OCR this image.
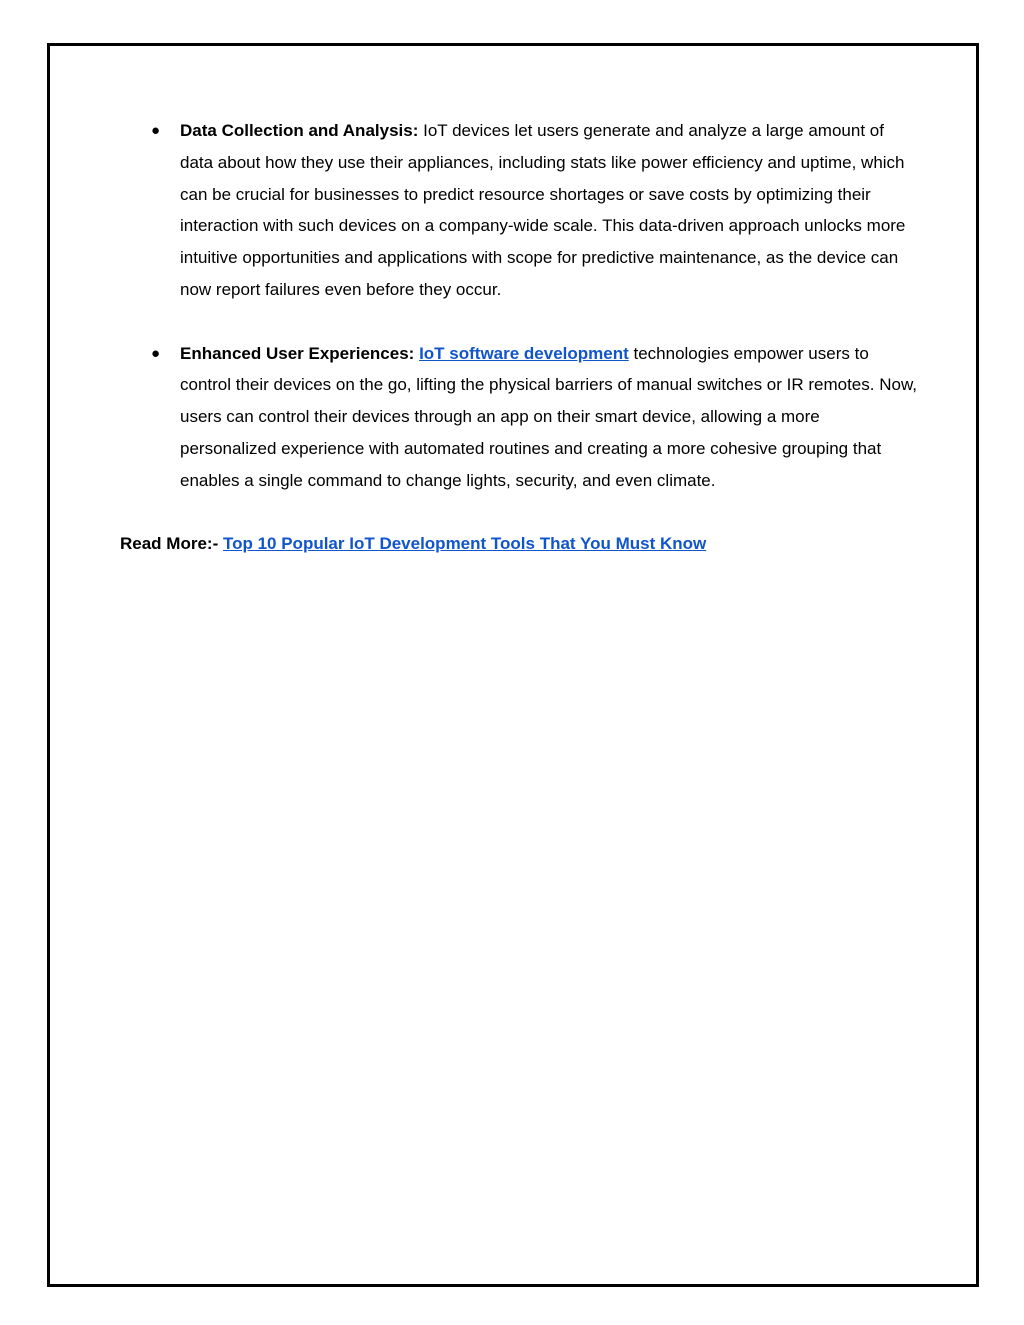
● Data Collection and Analysis: IoT devices let users generate and analyze a large amount of data about how they use their appliances, including stats like power efficiency and uptime, which can be crucial for businesses to predict resource shortages or save costs by optimizing their interaction with such devices on a company-wide scale. This data-driven approach unlocks more intuitive opportunities and applications with scope for predictive maintenance, as the device can now report failures even before they occur.

● Enhanced User Experiences: IoT software development technologies empower users to control their devices on the go, lifting the physical barriers of manual switches or IR remotes. Now, users can control their devices through an app on their smart device, allowing a more personalized experience with automated routines and creating a more cohesive grouping that enables a single command to change lights, security, and even climate.

Read More:- Top 10 Popular IoT Development Tools That You Must Know
